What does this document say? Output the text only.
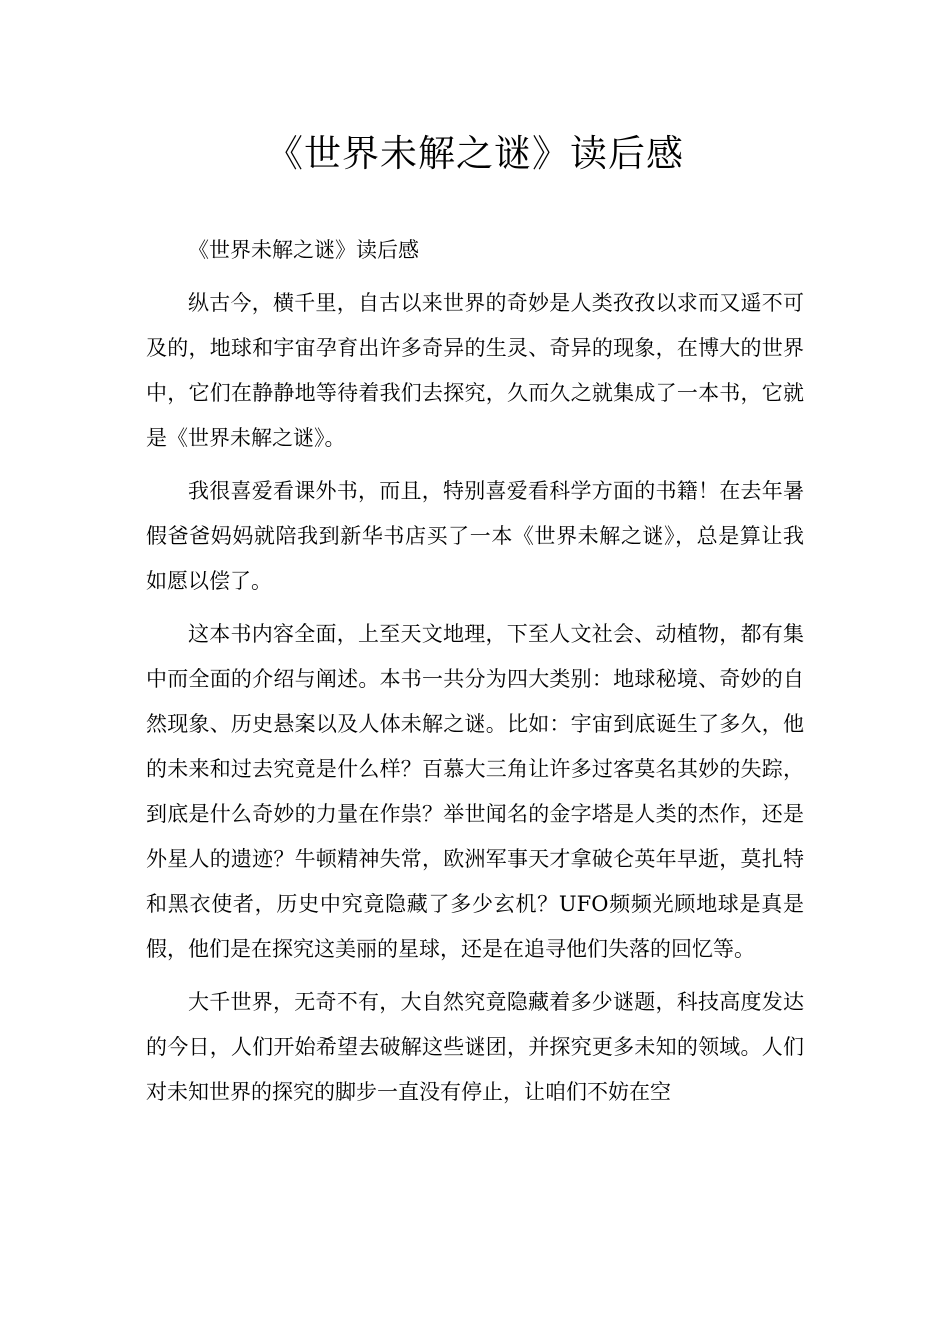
《世界未解之谜》读后感

《世界未解之谜》读后感

纵古今，横千里，自古以来世界的奇妙是人类孜孜以求而又遥不可及的，地球和宇宙孕育出许多奇异的生灵、奇异的现象，在博大的世界中，它们在静静地等待着我们去探究，久而久之就集成了一本书，它就是《世界未解之谜》。

我很喜爱看课外书，而且，特别喜爱看科学方面的书籍！在去年暑假爸爸妈妈就陪我到新华书店买了一本《世界未解之谜》，总是算让我如愿以偿了。

这本书内容全面，上至天文地理，下至人文社会、动植物，都有集中而全面的介绍与阐述。本书一共分为四大类别：地球秘境、奇妙的自然现象、历史悬案以及人体未解之谜。比如：宇宙到底诞生了多久，他的未来和过去究竟是什么样？百慕大三角让许多过客莫名其妙的失踪，到底是什么奇妙的力量在作祟？举世闻名的金字塔是人类的杰作，还是外星人的遗迹？牛顿精神失常，欧洲军事天才拿破仑英年早逝，莫扎特和黑衣使者，历史中究竟隐藏了多少玄机？UFO频频光顾地球是真是假，他们是在探究这美丽的星球，还是在追寻他们失落的回忆等。

大千世界，无奇不有，大自然究竟隐藏着多少谜题，科技高度发达的今日，人们开始希望去破解这些谜团，并探究更多未知的领域。人们对未知世界的探究的脚步一直没有停止，让咱们不妨在空
